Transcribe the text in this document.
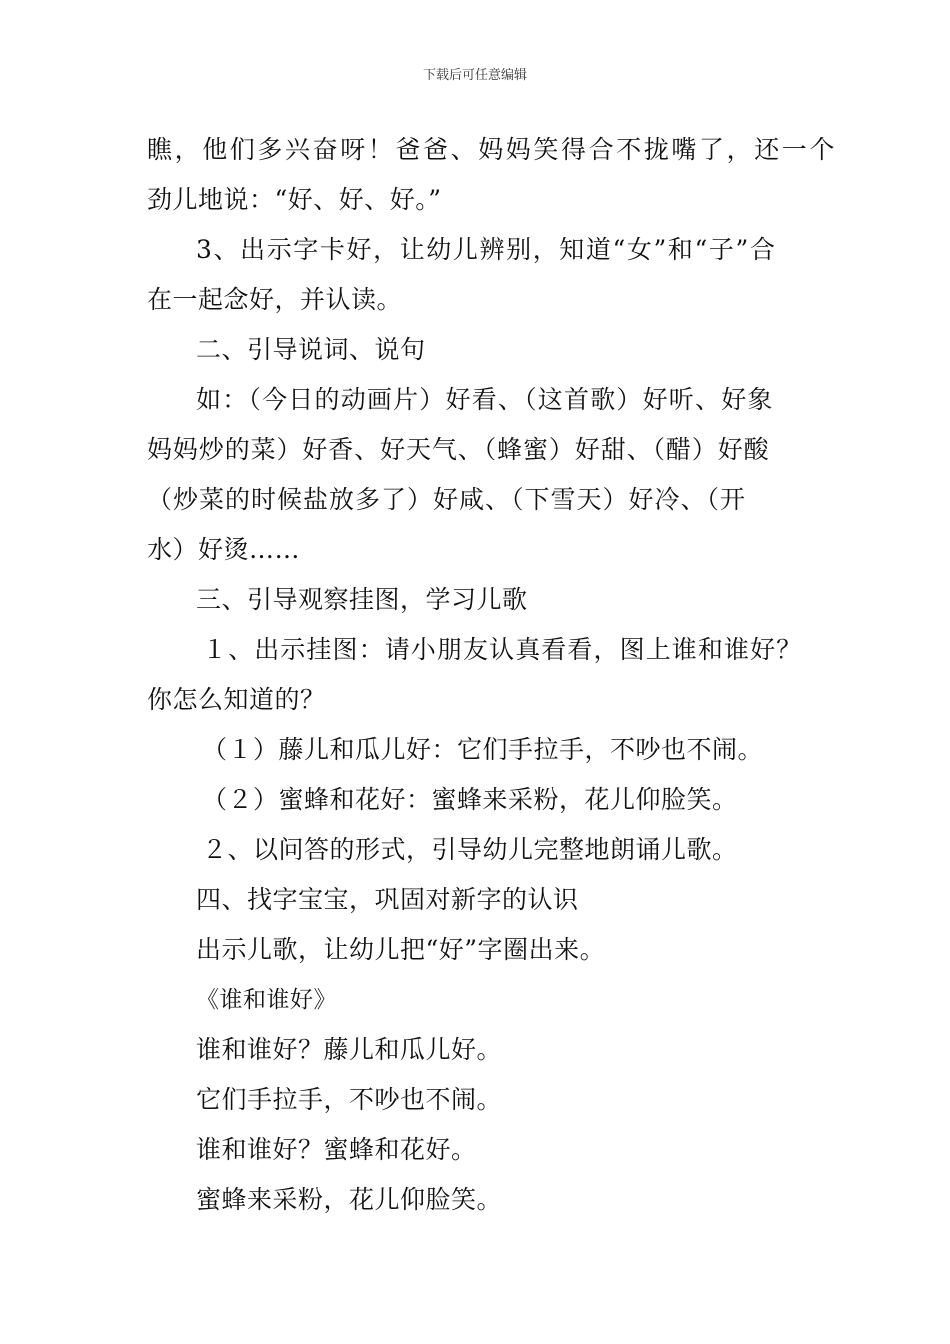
下载后可任意编辑
瞧，他们多兴奋呀！爸爸、妈妈笑得合不拢嘴了，还一个
劲儿地说：“好、好、好。”
3、出示字卡好，让幼儿辨别，知道“女”和“子”合
在一起念好，并认读。
二、引导说词、说句
如：（今日的动画片）好看、（这首歌）好听、好象
妈妈炒的菜）好香、好天气、（蜂蜜）好甜、（醋）好酸
（炒菜的时候盐放多了）好咸、（下雪天）好冷、（开
水）好烫……
三、引导观察挂图，学习儿歌
１、出示挂图：请小朋友认真看看，图上谁和谁好？
你怎么知道的？
（１）藤儿和瓜儿好：它们手拉手，不吵也不闹。
（２）蜜蜂和花好：蜜蜂来采粉，花儿仰脸笑。
２、以问答的形式，引导幼儿完整地朗诵儿歌。
四、找字宝宝，巩固对新字的认识
出示儿歌，让幼儿把“好”字圈出来。
《谁和谁好》
谁和谁好？藤儿和瓜儿好。
它们手拉手，不吵也不闹。
谁和谁好？蜜蜂和花好。
蜜蜂来采粉，花儿仰脸笑。
